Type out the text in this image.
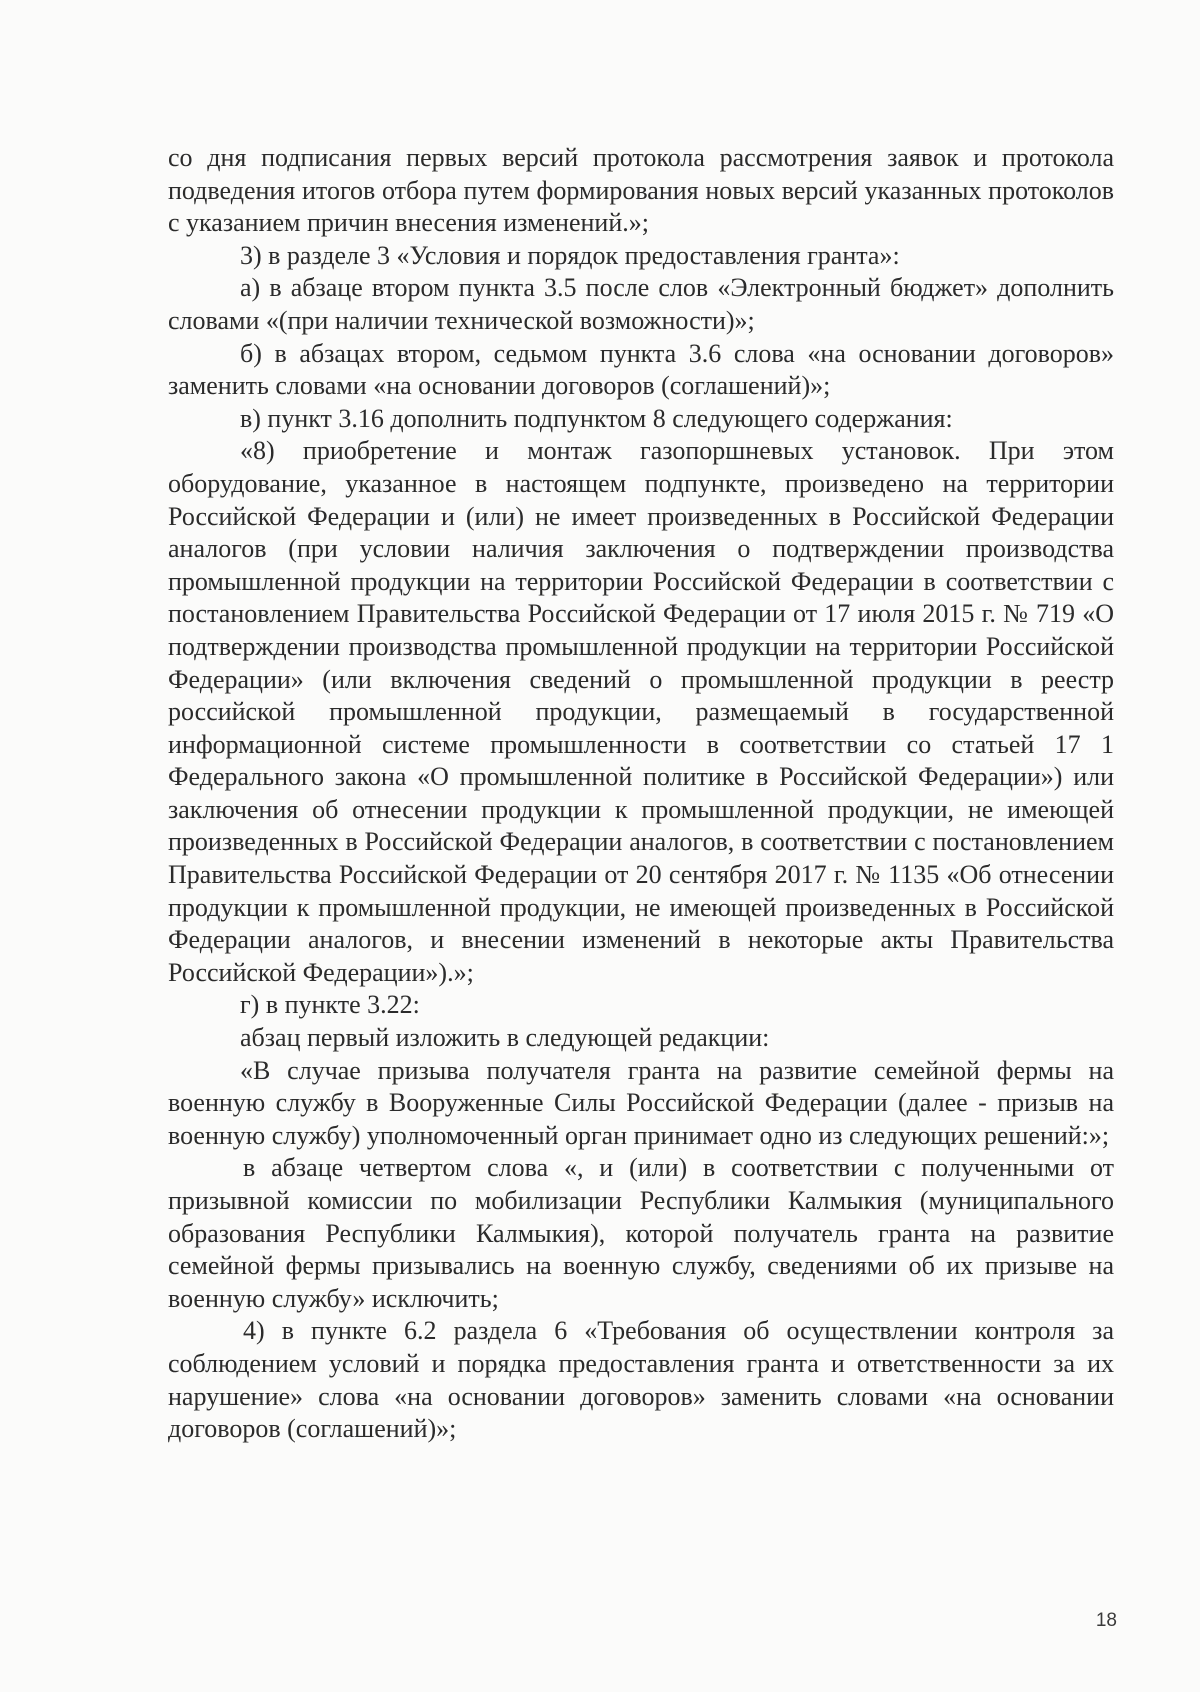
со дня подписания первых версий протокола рассмотрения заявок и протокола подведения итогов отбора путем формирования новых версий указанных протоколов с указанием причин внесения изменений.»;

3) в разделе 3 «Условия и порядок предоставления гранта»:

а) в абзаце втором пункта 3.5 после слов «Электронный бюджет» дополнить словами «(при наличии технической возможности)»;

б) в абзацах втором, седьмом пункта 3.6 слова «на основании договоров» заменить словами «на основании договоров (соглашений)»;

в) пункт 3.16 дополнить подпунктом 8 следующего содержания:

«8) приобретение и монтаж газопоршневых установок. При этом оборудование, указанное в настоящем подпункте, произведено на территории Российской Федерации и (или) не имеет произведенных в Российской Федерации аналогов (при условии наличия заключения о подтверждении производства промышленной продукции на территории Российской Федерации в соответствии с постановлением Правительства Российской Федерации от 17 июля 2015 г. № 719 «О подтверждении производства промышленной продукции на территории Российской Федерации» (или включения сведений о промышленной продукции в реестр российской промышленной продукции, размещаемый в государственной информационной системе промышленности в соответствии со статьей 17 1 Федерального закона «О промышленной политике в Российской Федерации») или заключения об отнесении продукции к промышленной продукции, не имеющей произведенных в Российской Федерации аналогов, в соответствии с постановлением Правительства Российской Федерации от 20 сентября 2017 г. № 1135 «Об отнесении продукции к промышленной продукции, не имеющей произведенных в Российской Федерации аналогов, и внесении изменений в некоторые акты Правительства Российской Федерации»).»;

г) в пункте 3.22:

абзац первый изложить в следующей редакции:

«В случае призыва получателя гранта на развитие семейной фермы на военную службу в Вооруженные Силы Российской Федерации (далее - призыв на военную службу) уполномоченный орган принимает одно из следующих решений:»;

в абзаце четвертом слова «, и (или) в соответствии с полученными от призывной комиссии по мобилизации Республики Калмыкия (муниципального образования Республики Калмыкия), которой получатель гранта на развитие семейной фермы призывались на военную службу, сведениями об их призыве на военную службу» исключить;

4) в пункте 6.2 раздела 6 «Требования об осуществлении контроля за соблюдением условий и порядка предоставления гранта и ответственности за их нарушение» слова «на основании договоров» заменить словами «на основании договоров (соглашений)»;

18
